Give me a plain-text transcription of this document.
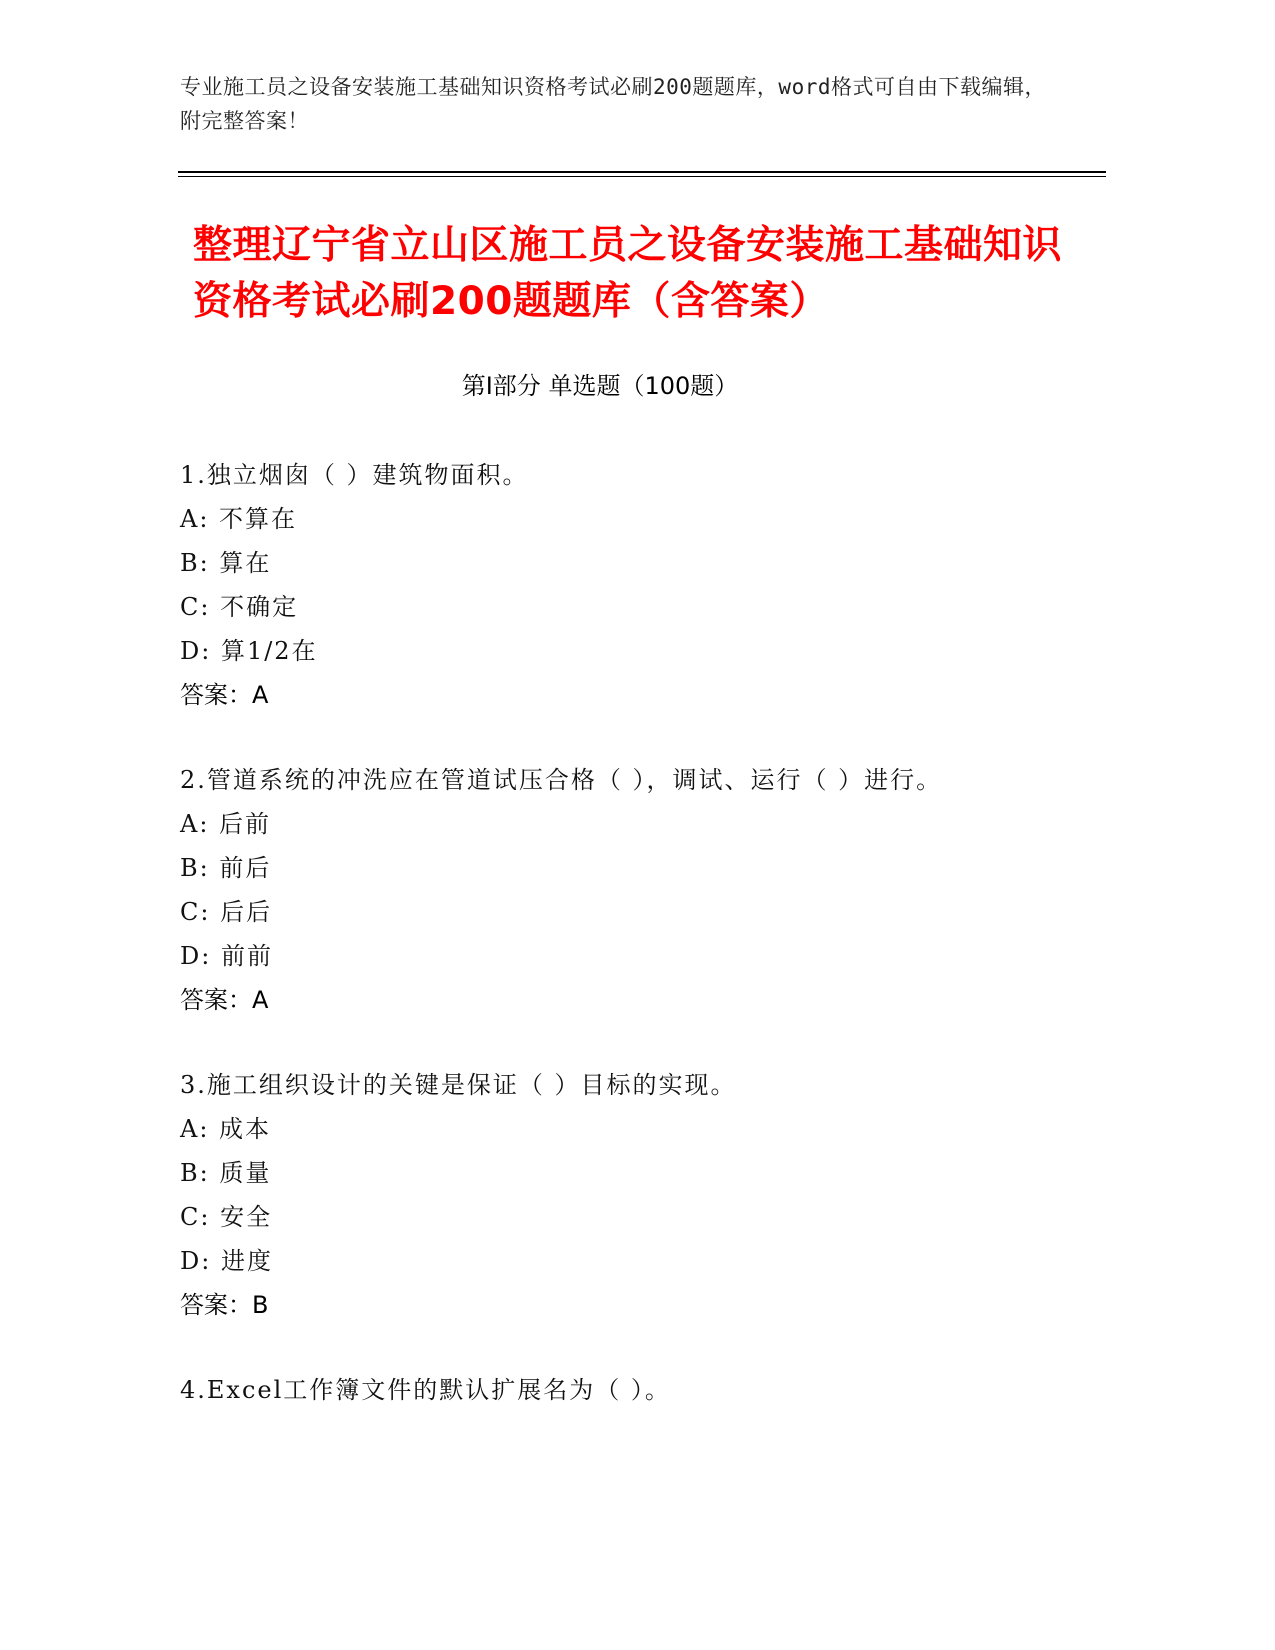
专业施工员之设备安装施工基础知识资格考试必刷200题题库，word格式可自由下载编辑，附完整答案！
整理辽宁省立山区施工员之设备安装施工基础知识资格考试必刷200题题库（含答案）
第Ⅰ部分 单选题（100题）
1.独立烟囱（ ）建筑物面积。
A: 不算在
B: 算在
C: 不确定
D: 算1/2在
答案：A
2.管道系统的冲洗应在管道试压合格（ ），调试、运行（ ）进行。
A: 后前
B: 前后
C: 后后
D: 前前
答案：A
3.施工组织设计的关键是保证（ ）目标的实现。
A: 成本
B: 质量
C: 安全
D: 进度
答案：B
4.Excel工作簿文件的默认扩展名为（ ）。
